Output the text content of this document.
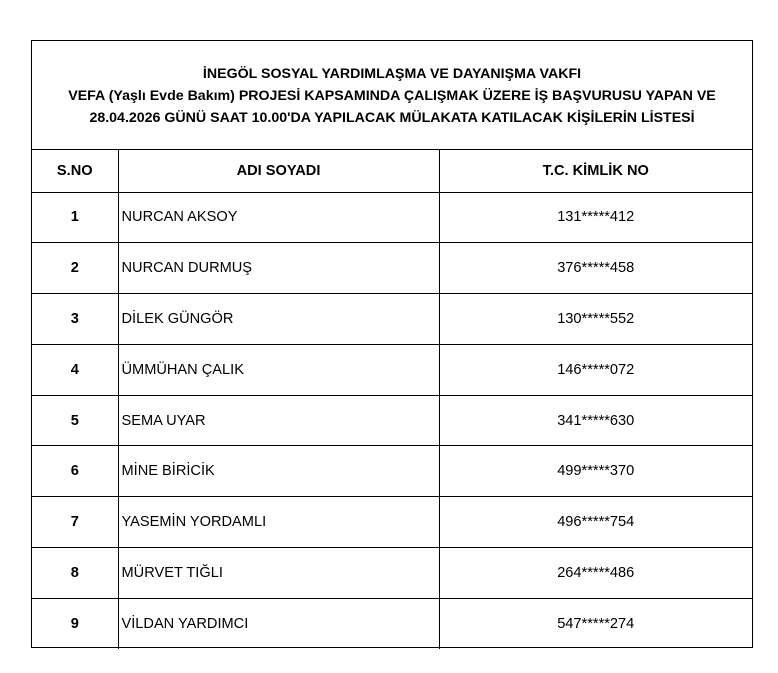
İNEGÖL SOSYAL YARDIMLAŞMA VE DAYANIŞMA VAKFI
VEFA (Yaşlı Evde Bakım) PROJESİ KAPSAMINDA ÇALIŞMAK ÜZERE İŞ BAŞVURUSU YAPAN VE
28.04.2026 GÜNÜ SAAT 10.00'DA YAPILACAK MÜLAKATA KATILACAK KİŞİLERİN LİSTESİ
S.NO	ADI SOYADI	T.C. KİMLİK NO
1	NURCAN AKSOY	131*****412
2	NURCAN DURMUŞ	376*****458
3	DİLEK GÜNGÖR	130*****552
4	ÜMMÜHAN ÇALIK	146*****072
5	SEMA UYAR	341*****630
6	MİNE BİRİCİK	499*****370
7	YASEMİN YORDAMLI	496*****754
8	MÜRVET TIĞLI	264*****486
9	VİLDAN YARDIMCI	547*****274
